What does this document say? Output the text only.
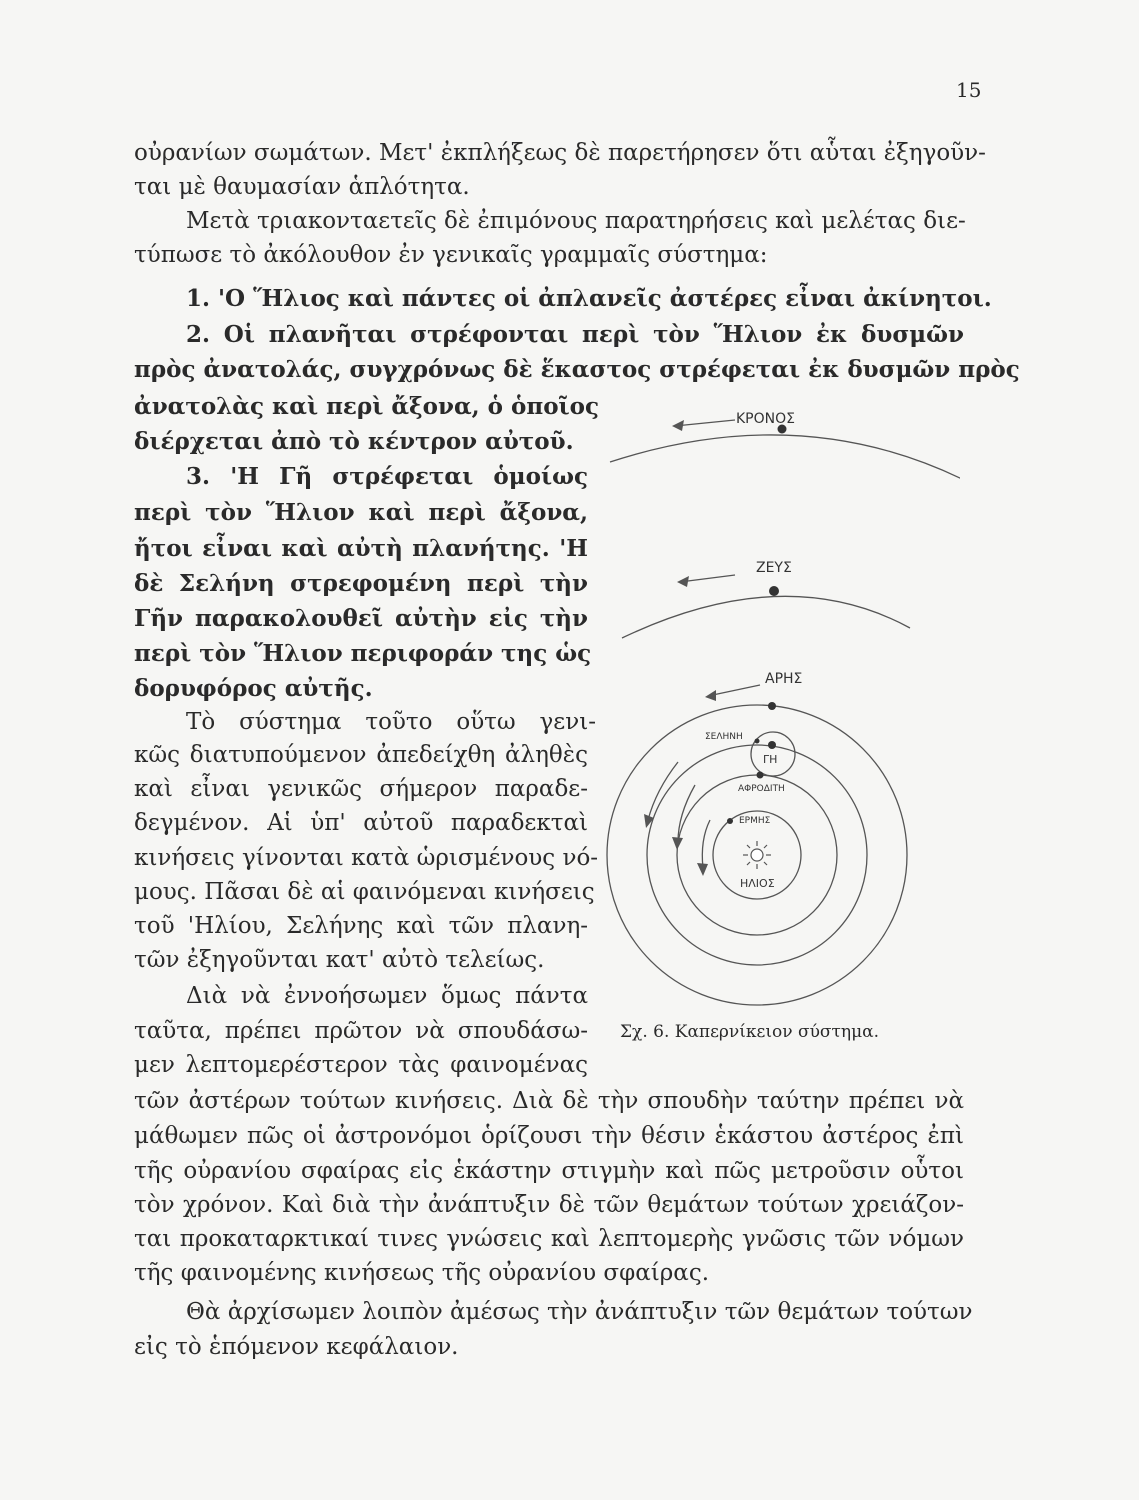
15
οὐρανίων σωμάτων. Μετ' ἐκπλήξεως δὲ παρετήρησεν ὅτι αὗται ἐξηγοῦν-
ται μὲ θαυμασίαν ἁπλότητα.
Μετὰ τριακονταετεῖς δὲ ἐπιμόνους παρατηρήσεις καὶ μελέτας διε-
τύπωσε τὸ ἀκόλουθον ἐν γενικαῖς γραμμαῖς σύστημα:
1. 'Ο Ἥλιος καὶ πάντες οἱ ἀπλανεῖς ἀστέρες εἶναι ἀκίνητοι.
2. Οἱ πλανῆται στρέφονται περὶ τὸν Ἥλιον ἐκ δυσμῶν
πρὸς ἀνατολάς, συγχρόνως δὲ ἕκαστος στρέφεται ἐκ δυσμῶν πρὸς
ἀνατολὰς καὶ περὶ ἄξονα, ὁ ὁποῖος
διέρχεται ἀπὸ τὸ κέντρον αὐτοῦ.
3. 'Η Γῆ στρέφεται ὁμοίως
περὶ τὸν Ἥλιον καὶ περὶ ἄξονα,
ἤτοι εἶναι καὶ αὐτὴ πλανήτης. 'Η
δὲ Σελήνη στρεφομένη περὶ τὴν
Γῆν παρακολουθεῖ αὐτὴν εἰς τὴν
περὶ τὸν Ἥλιον περιφοράν της ὡς
δορυφόρος αὐτῆς.
Τὸ σύστημα τοῦτο οὕτω γενι-
κῶς διατυπούμενον ἀπεδείχθη ἀληθὲς
καὶ εἶναι γενικῶς σήμερον παραδε-
δεγμένον. Αἱ ὑπ' αὐτοῦ παραδεκταὶ
κινήσεις γίνονται κατὰ ὡρισμένους νό-
μους. Πᾶσαι δὲ αἱ φαινόμεναι κινήσεις
τοῦ 'Ηλίου, Σελήνης καὶ τῶν πλανη-
τῶν ἐξηγοῦνται κατ' αὐτὸ τελείως.
Διὰ νὰ ἐννοήσωμεν ὅμως πάντα
ταῦτα, πρέπει πρῶτον νὰ σπουδάσω-
μεν λεπτομερέστερον τὰς φαινομένας
ΚΡΟΝΟΣ
ΖΕΥΣ
ΑΡΗΣ
ΣΕΛΗΝΗ
ΓΗ
ΑΦΡΟΔΙΤΗ
ΕΡΜΗΣ
ΗΛΙΟΣ
Σχ. 6. Καπερνίκειον σύστημα.
τῶν ἀστέρων τούτων κινήσεις. Διὰ δὲ τὴν σπουδὴν ταύτην πρέπει νὰ
μάθωμεν πῶς οἱ ἀστρονόμοι ὁρίζουσι τὴν θέσιν ἑκάστου ἀστέρος ἐπὶ
τῆς οὐρανίου σφαίρας εἰς ἑκάστην στιγμὴν καὶ πῶς μετροῦσιν οὗτοι
τὸν χρόνον. Καὶ διὰ τὴν ἀνάπτυξιν δὲ τῶν θεμάτων τούτων χρειάζον-
ται προκαταρκτικαί τινες γνώσεις καὶ λεπτομερὴς γνῶσις τῶν νόμων
τῆς φαινομένης κινήσεως τῆς οὐρανίου σφαίρας.
Θὰ ἀρχίσωμεν λοιπὸν ἀμέσως τὴν ἀνάπτυξιν τῶν θεμάτων τούτων
εἰς τὸ ἑπόμενον κεφάλαιον.
